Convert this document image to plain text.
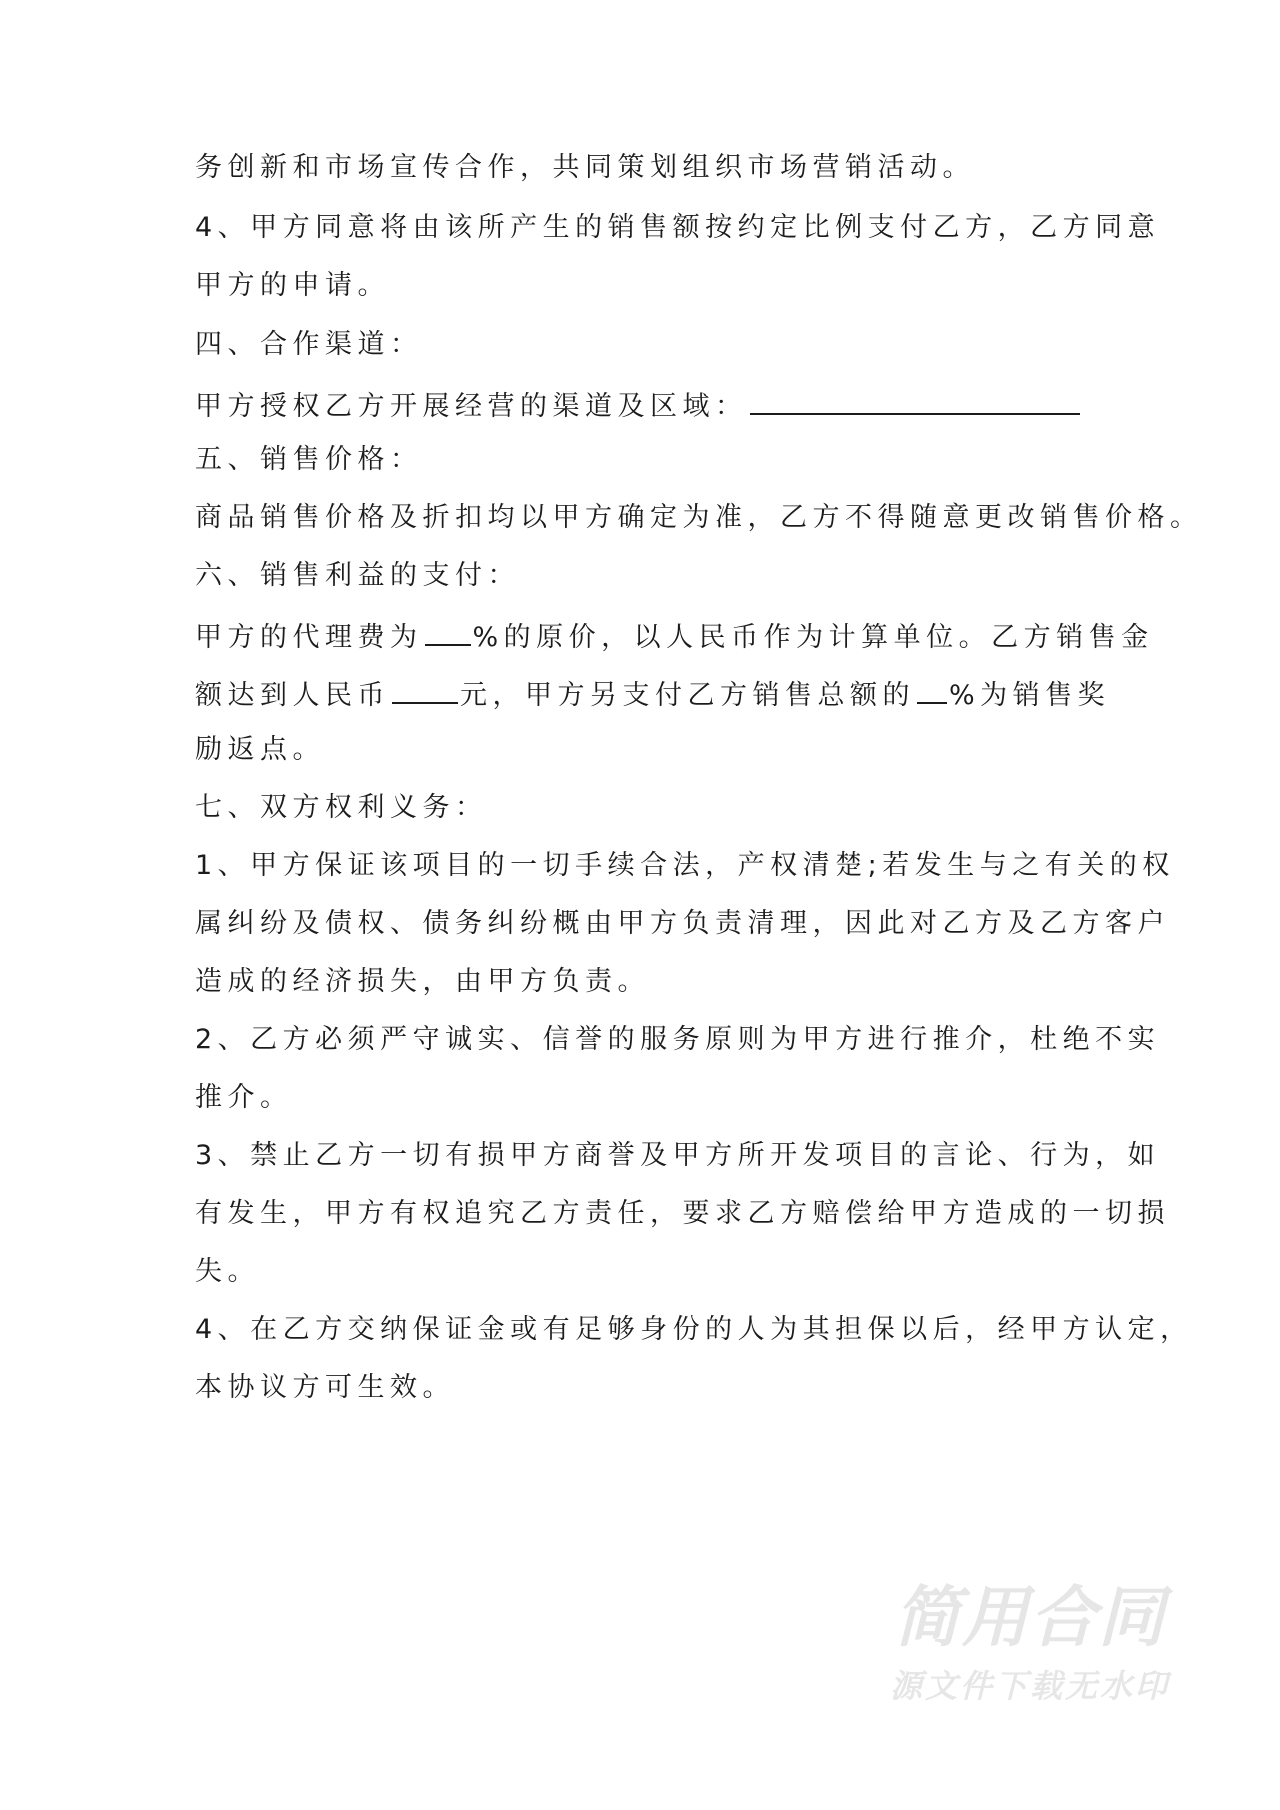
务创新和市场宣传合作，共同策划组织市场营销活动。
4、甲方同意将由该所产生的销售额按约定比例支付乙方，乙方同意
甲方的申请。
四、合作渠道：
甲方授权乙方开展经营的渠道及区域：
五、销售价格：
商品销售价格及折扣均以甲方确定为准，乙方不得随意更改销售价格。
六、销售利益的支付：
甲方的代理费为 %的原价，以人民币作为计算单位。乙方销售金
额达到人民币	元，甲方另支付乙方销售总额的 %为销售奖
励返点。
七、双方权利义务：
1、甲方保证该项目的一切手续合法，产权清楚;若发生与之有关的权
属纠纷及债权、债务纠纷概由甲方负责清理，因此对乙方及乙方客户
造成的经济损失，由甲方负责。
2、乙方必须严守诚实、信誉的服务原则为甲方进行推介，杜绝不实
推介。
3、禁止乙方一切有损甲方商誉及甲方所开发项目的言论、行为，如
有发生，甲方有权追究乙方责任，要求乙方赔偿给甲方造成的一切损
失。
4、在乙方交纳保证金或有足够身份的人为其担保以后，经甲方认定，
本协议方可生效。
简用合同
源文件下载无水印
